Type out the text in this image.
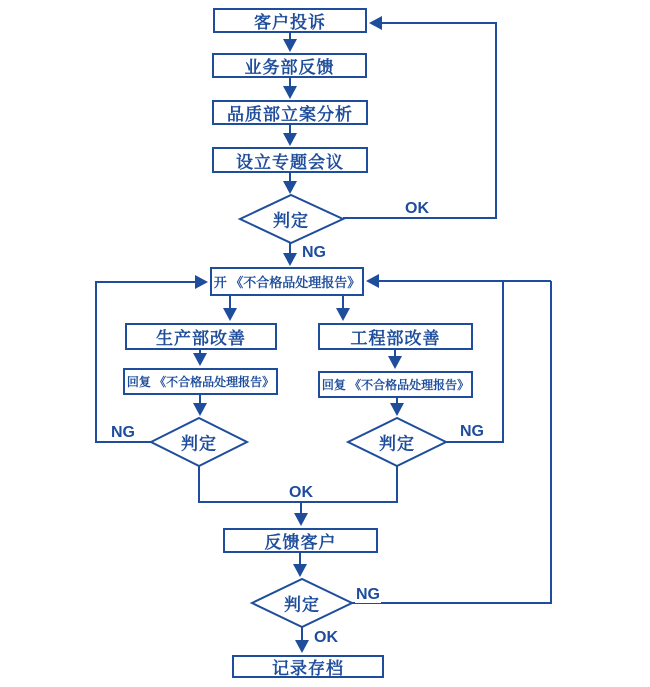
客户投诉
业务部反馈
品质部立案分析
设立专题会议
开 《不合格品处理报告》
生产部改善	工程部改善
回复 《不合格品处理报告》	回复 《不合格品处理报告》
反馈客户
记录存档
判定
判定	判定
判定
OK
NG
NG	NG
OK
NG
OK
